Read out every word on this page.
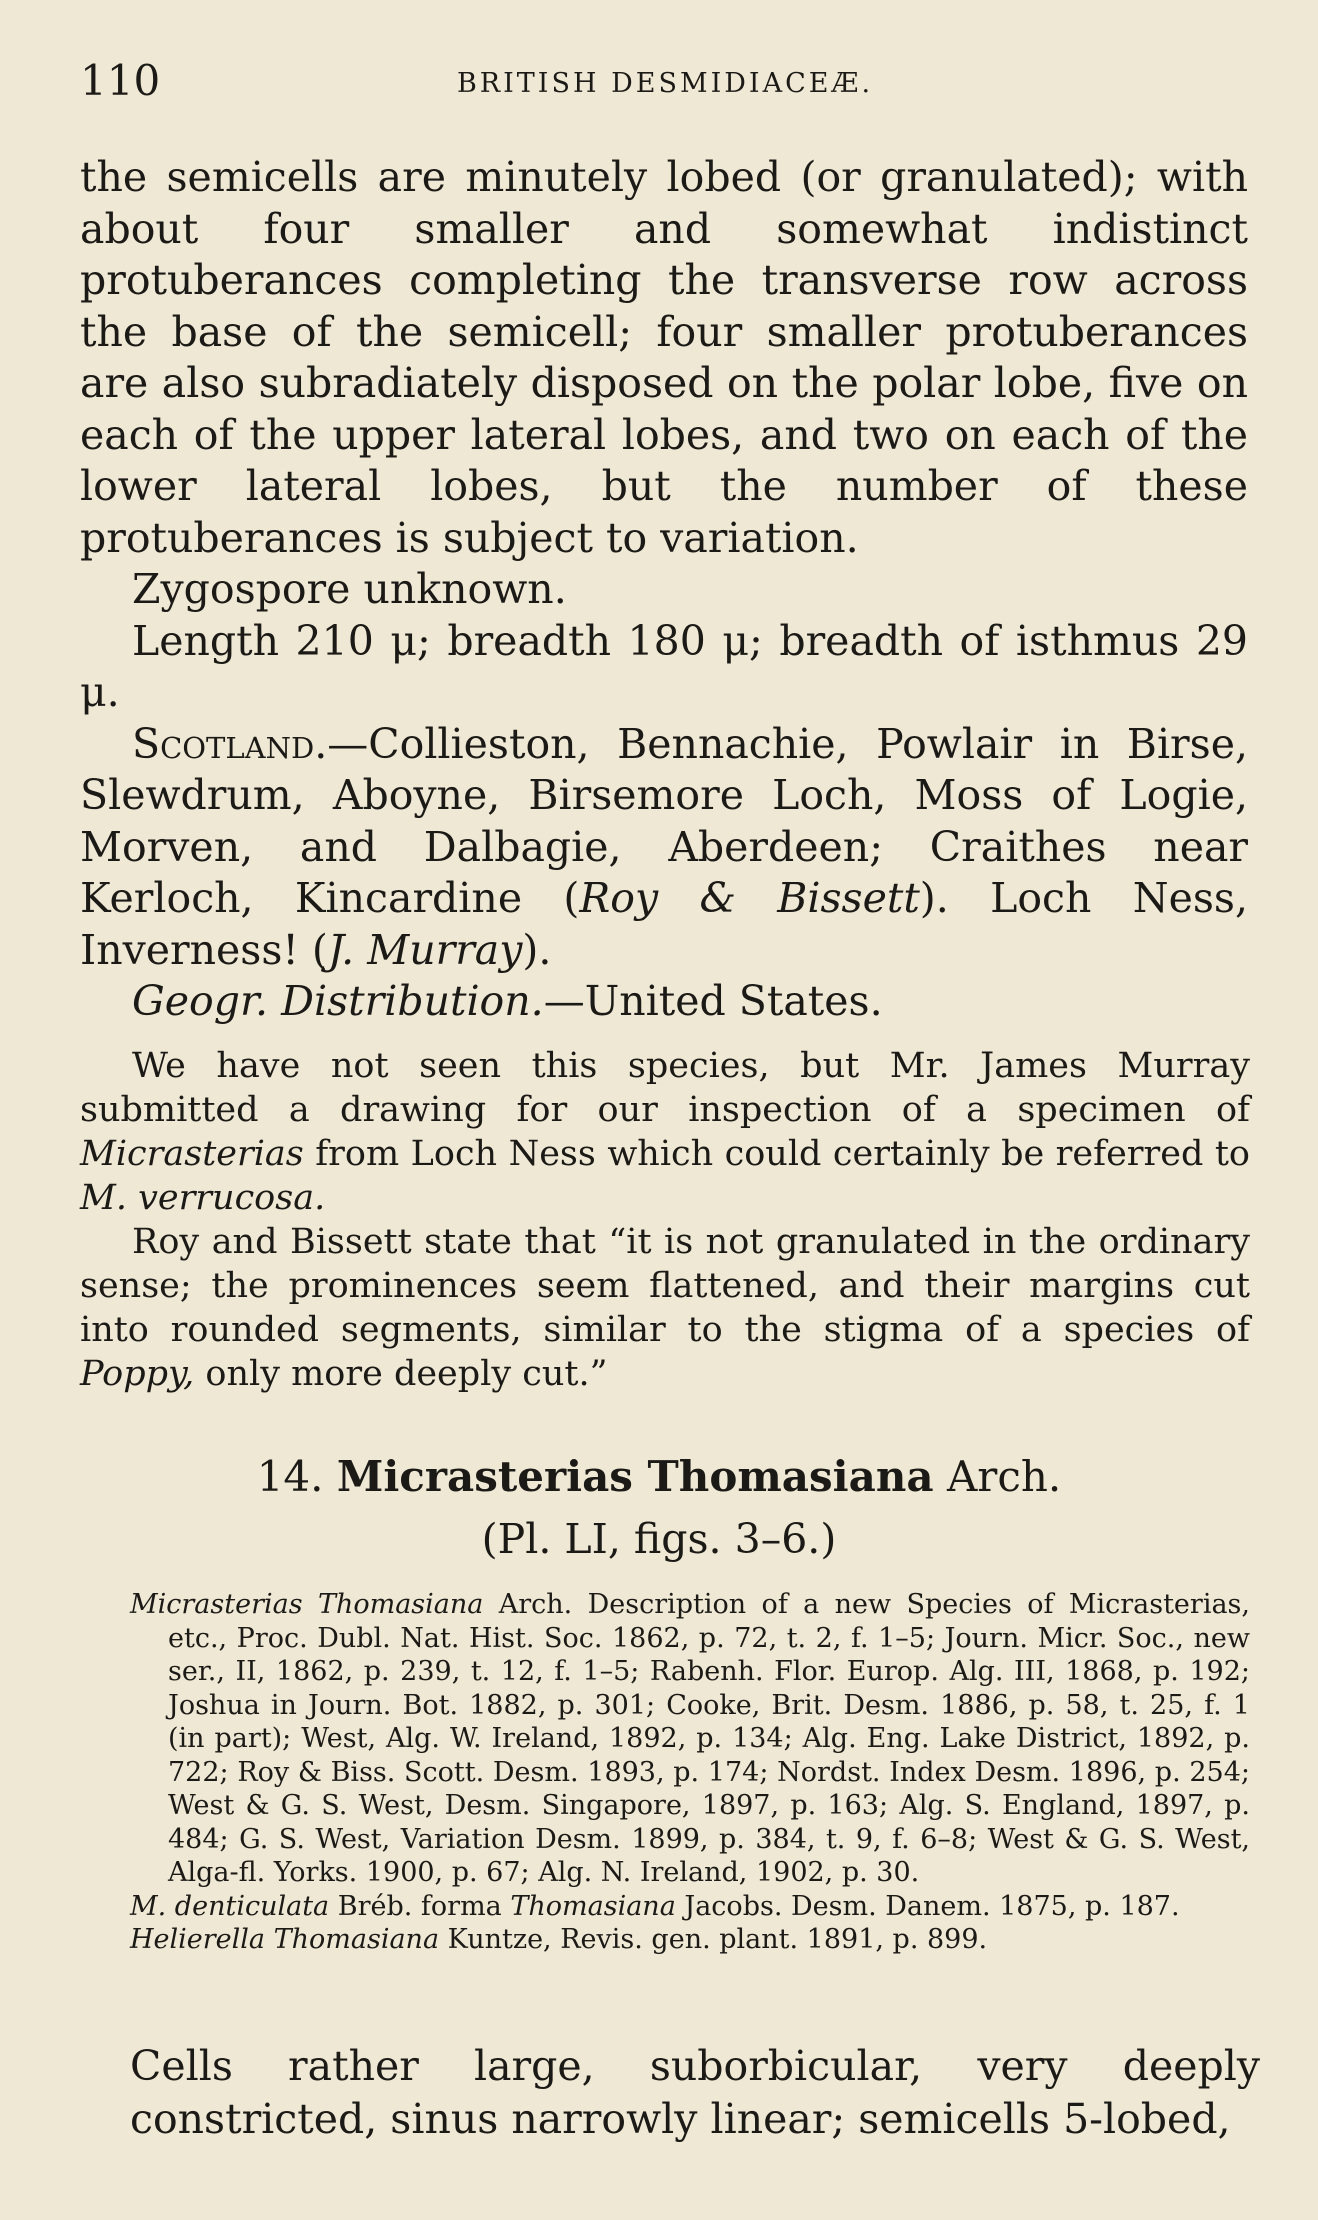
110	BRITISH DESMIDIACEÆ.

the semicells are minutely lobed (or granulated); with about four smaller and somewhat indistinct protuberances completing the transverse row across the base of the semicell; four smaller protuberances are also subradiately disposed on the polar lobe, five on each of the upper lateral lobes, and two on each of the lower lateral lobes, but the number of these protuberances is subject to variation.

Zygospore unknown.

Length 210 μ; breadth 180 μ; breadth of isthmus 29 μ.

Scotland.—Collieston, Bennachie, Powlair in Birse, Slewdrum, Aboyne, Birsemore Loch, Moss of Logie, Morven, and Dalbagie, Aberdeen; Craithes near Kerloch, Kincardine (Roy & Bissett). Loch Ness, Inverness! (J. Murray).

Geogr. Distribution.—United States.

We have not seen this species, but Mr. James Murray submitted a drawing for our inspection of a specimen of Micrasterias from Loch Ness which could certainly be referred to M. verrucosa.

Roy and Bissett state that “it is not granulated in the ordinary sense; the prominences seem flattened, and their margins cut into rounded segments, similar to the stigma of a species of Poppy, only more deeply cut.”

14. Micrasterias Thomasiana Arch.
(Pl. LI, figs. 3–6.)

Micrasterias Thomasiana Arch. Description of a new Species of Micrasterias, etc., Proc. Dubl. Nat. Hist. Soc. 1862, p. 72, t. 2, f. 1–5; Journ. Micr. Soc., new ser., II, 1862, p. 239, t. 12, f. 1–5; Rabenh. Flor. Europ. Alg. III, 1868, p. 192; Joshua in Journ. Bot. 1882, p. 301; Cooke, Brit. Desm. 1886, p. 58, t. 25, f. 1 (in part); West, Alg. W. Ireland, 1892, p. 134; Alg. Eng. Lake District, 1892, p. 722; Roy & Biss. Scott. Desm. 1893, p. 174; Nordst. Index Desm. 1896, p. 254; West & G. S. West, Desm. Singapore, 1897, p. 163; Alg. S. England, 1897, p. 484; G. S. West, Variation Desm. 1899, p. 384, t. 9, f. 6–8; West & G. S. West, Alga-fl. Yorks. 1900, p. 67; Alg. N. Ireland, 1902, p. 30.

M. denticulata Bréb. forma Thomasiana Jacobs. Desm. Danem. 1875, p. 187.

Helierella Thomasiana Kuntze, Revis. gen. plant. 1891, p. 899.

Cells rather large, suborbicular, very deeply constricted, sinus narrowly linear; semicells 5-lobed,
